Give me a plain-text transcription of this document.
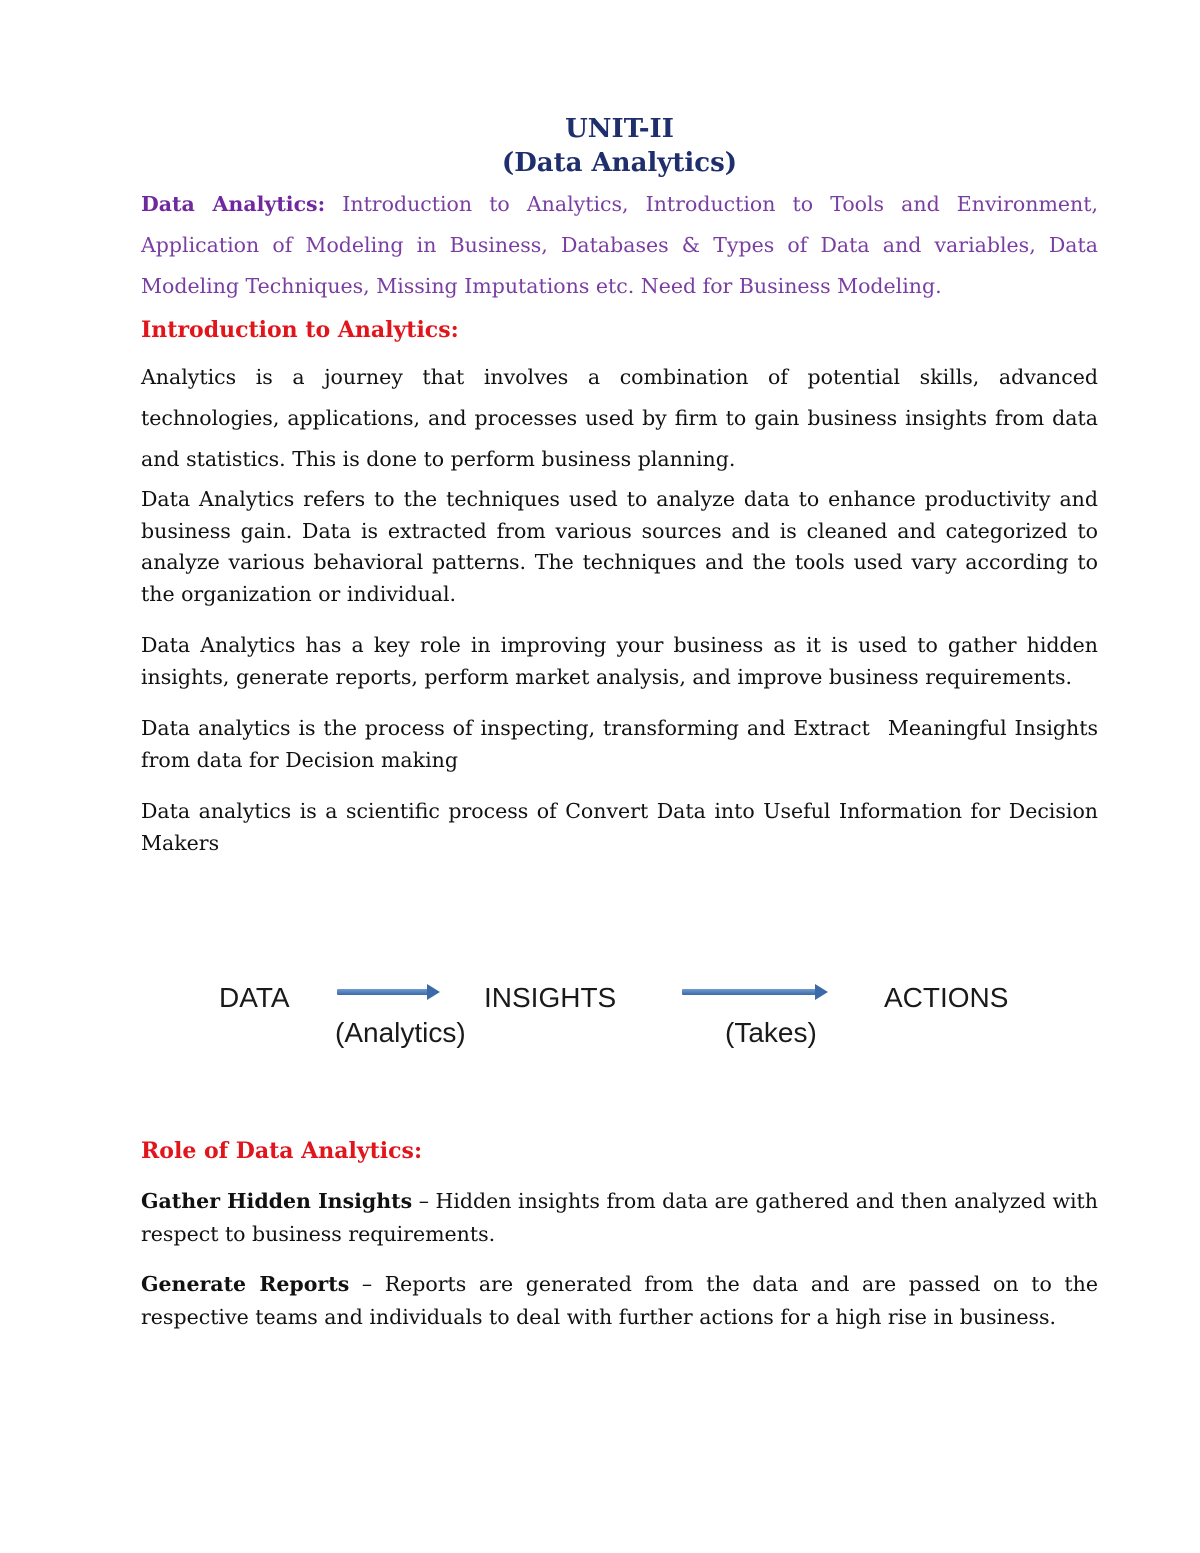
UNIT-II
(Data Analytics)

Data Analytics: Introduction to Analytics, Introduction to Tools and Environment, Application of Modeling in Business, Databases & Types of Data and variables, Data Modeling Techniques, Missing Imputations etc. Need for Business Modeling.

Introduction to Analytics:

Analytics is a journey that involves a combination of potential skills, advanced technologies, applications, and processes used by firm to gain business insights from data and statistics. This is done to perform business planning.

Data Analytics refers to the techniques used to analyze data to enhance productivity and business gain. Data is extracted from various sources and is cleaned and categorized to analyze various behavioral patterns. The techniques and the tools used vary according to the organization or individual.

Data Analytics has a key role in improving your business as it is used to gather hidden insights, generate reports, perform market analysis, and improve business requirements.

Data analytics is the process of inspecting, transforming and Extract Meaningful Insights from data for Decision making

Data analytics is a scientific process of Convert Data into Useful Information for Decision Makers

DATA	INSIGHTS	ACTIONS
(Analytics)	(Takes)
Role of Data Analytics:

Gather Hidden Insights – Hidden insights from data are gathered and then analyzed with respect to business requirements.

Generate Reports – Reports are generated from the data and are passed on to the respective teams and individuals to deal with further actions for a high rise in business.
